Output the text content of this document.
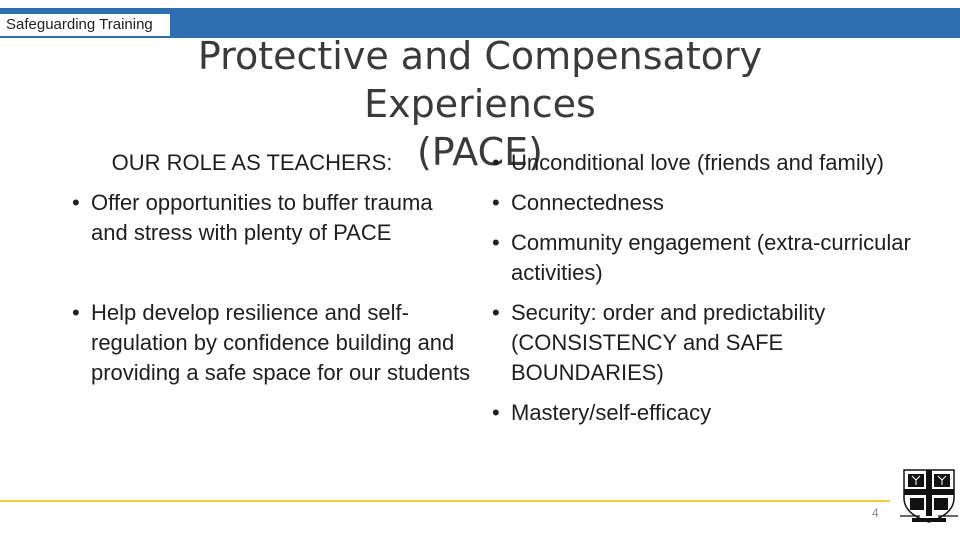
Safeguarding Training
Protective and Compensatory Experiences
(PACE)
OUR ROLE AS TEACHERS:
• Offer opportunities to buffer trauma and stress with plenty of PACE
• Help develop resilience and self-regulation by confidence building and providing a safe space for our students
• Unconditional love (friends and family)
• Connectedness
• Community engagement (extra-curricular activities)
• Security: order and predictability (CONSISTENCY and SAFE BOUNDARIES)
• Mastery/self-efficacy
4
